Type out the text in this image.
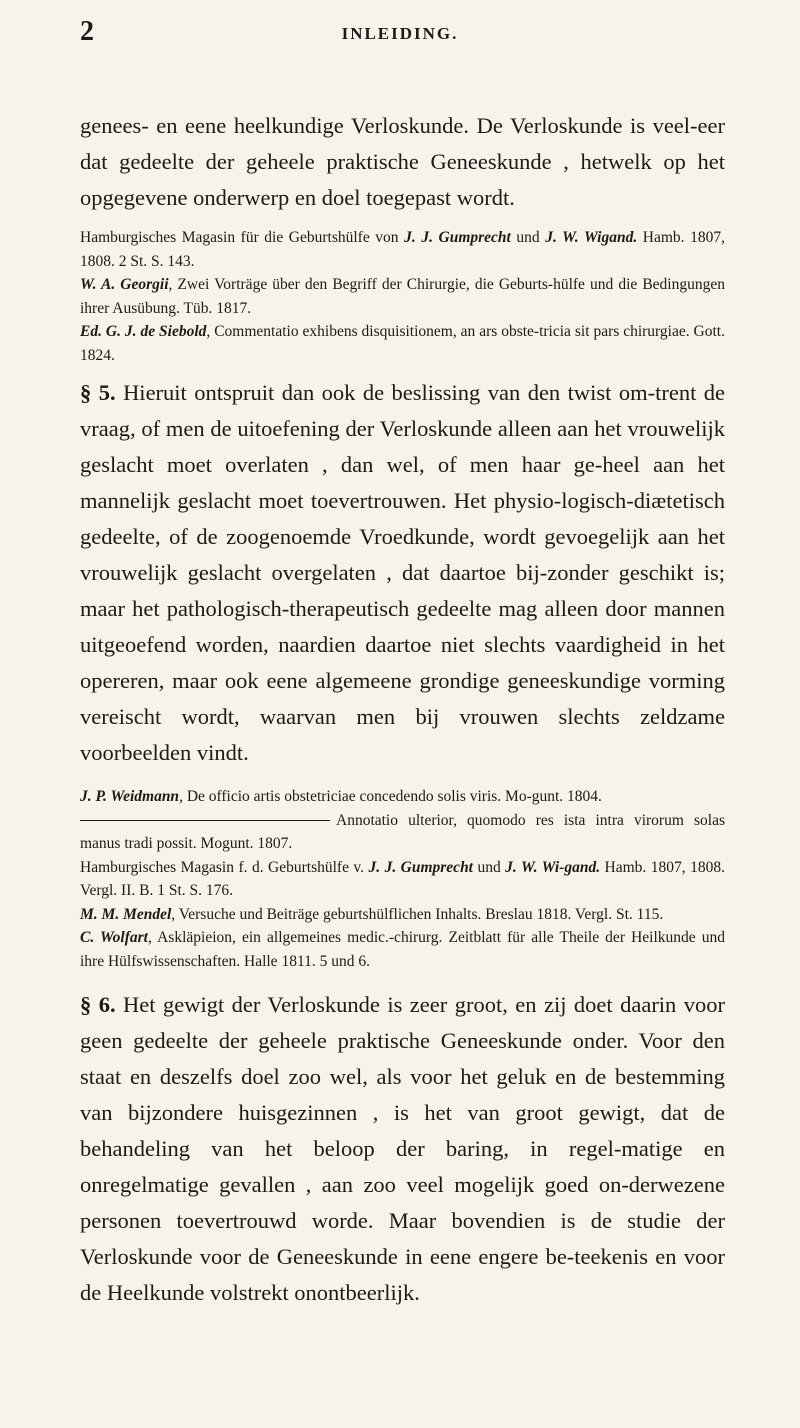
2	INLEIDING.

genees- en eene heelkundige Verloskunde. De Verloskunde is veel-eer dat gedeelte der geheele praktische Geneeskunde , hetwelk op het opgegevene onderwerp en doel toegepast wordt.

Hamburgisches Magasin für die Geburtshülfe von J. J. Gumprecht und J. W. Wigand. Hamb. 1807, 1808. 2 St. S. 143.

W. A. Georgii, Zwei Vorträge über den Begriff der Chirurgie, die Geburts-hülfe und die Bedingungen ihrer Ausübung. Tüb. 1817.

Ed. G. J. de Siebold, Commentatio exhibens disquisitionem, an ars obste-tricia sit pars chirurgiae. Gott. 1824.

§ 5. Hieruit ontspruit dan ook de beslissing van den twist om-trent de vraag, of men de uitoefening der Verloskunde alleen aan het vrouwelijk geslacht moet overlaten , dan wel, of men haar ge-heel aan het mannelijk geslacht moet toevertrouwen. Het physio-logisch-diætetisch gedeelte, of de zoogenoemde Vroedkunde, wordt gevoegelijk aan het vrouwelijk geslacht overgelaten , dat daartoe bij-zonder geschikt is; maar het pathologisch-therapeutisch gedeelte mag alleen door mannen uitgeoefend worden, naardien daartoe niet slechts vaardigheid in het opereren, maar ook eene algemeene grondige geneeskundige vorming vereischt wordt, waarvan men bij vrouwen slechts zeldzame voorbeelden vindt.

J. P. Weidmann, De officio artis obstetriciae concedendo solis viris. Mo-gunt. 1804.

Annotatio ulterior, quomodo res ista intra virorum solas manus tradi possit. Mogunt. 1807.

Hamburgisches Magasin f. d. Geburtshülfe v. J. J. Gumprecht und J. W. Wi-gand. Hamb. 1807, 1808. Vergl. II. B. 1 St. S. 176.

M. M. Mendel, Versuche und Beiträge geburtshülflichen Inhalts. Breslau 1818. Vergl. St. 115.

C. Wolfart, Askläpieion, ein allgemeines medic.-chirurg. Zeitblatt für alle Theile der Heilkunde und ihre Hülfswissenschaften. Halle 1811. 5 und 6.

§ 6. Het gewigt der Verloskunde is zeer groot, en zij doet daarin voor geen gedeelte der geheele praktische Geneeskunde onder. Voor den staat en deszelfs doel zoo wel, als voor het geluk en de bestemming van bijzondere huisgezinnen , is het van groot gewigt, dat de behandeling van het beloop der baring, in regel-matige en onregelmatige gevallen , aan zoo veel mogelijk goed on-derwezene personen toevertrouwd worde. Maar bovendien is de studie der Verloskunde voor de Geneeskunde in eene engere be-teekenis en voor de Heelkunde volstrekt onontbeerlijk.
